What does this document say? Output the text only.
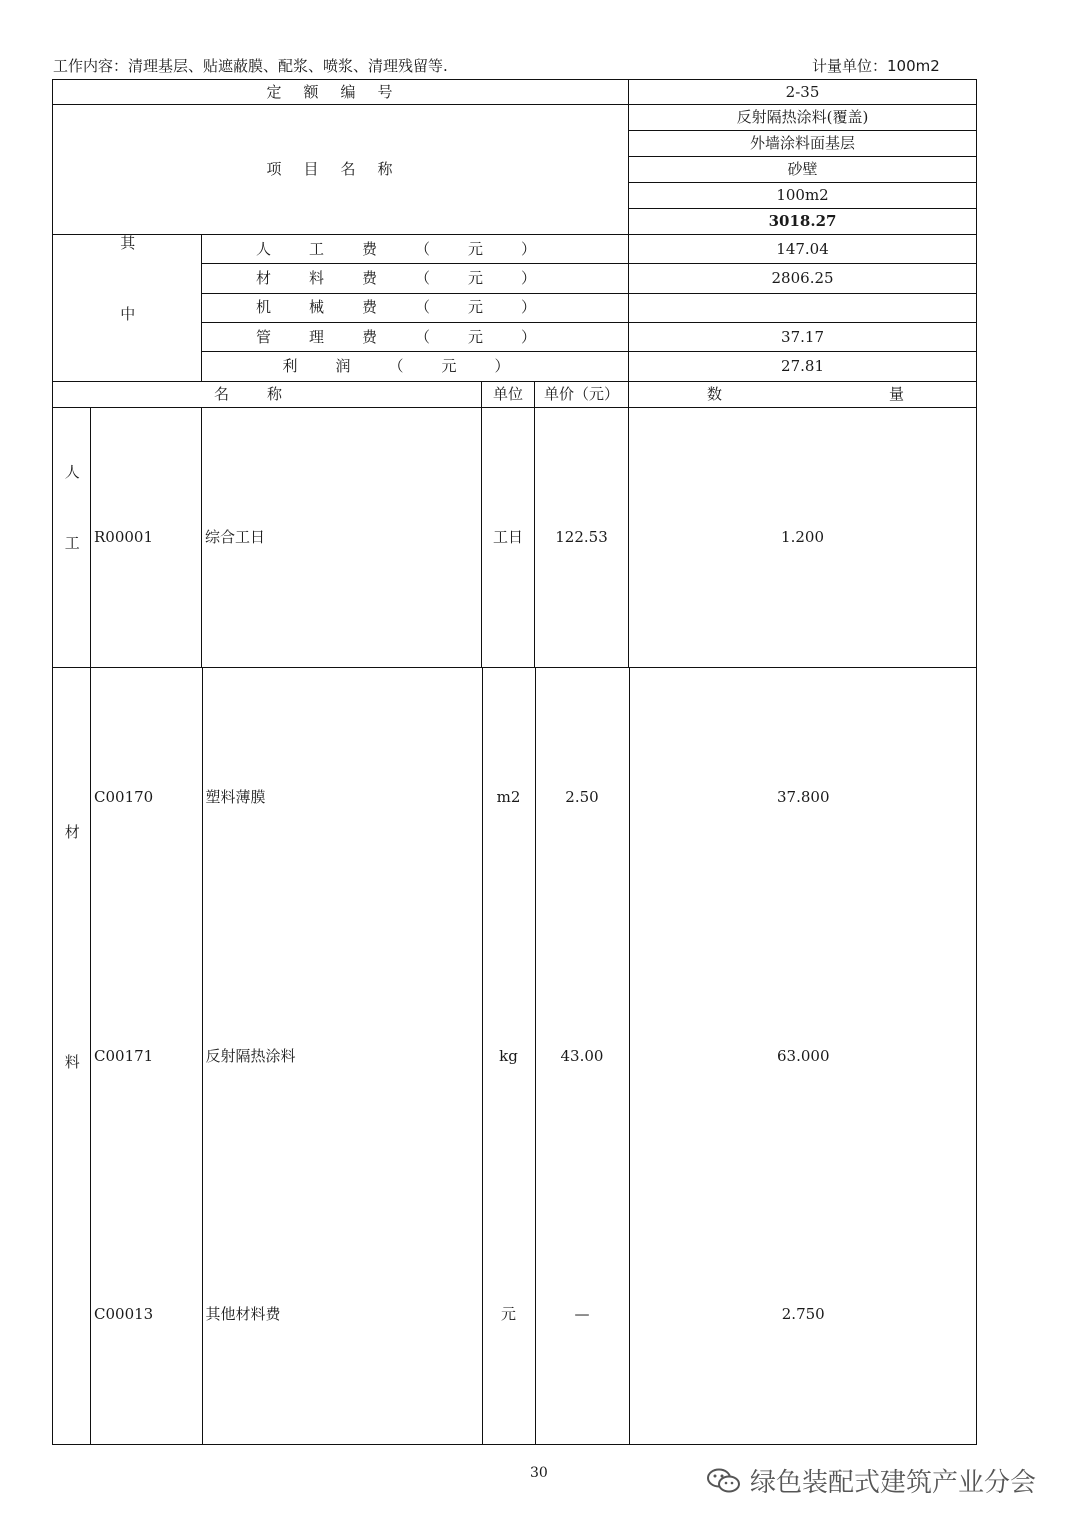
工作内容：清理基层、贴遮蔽膜、配浆、喷浆、清理残留等.	计量单位：100m2
定额编号	2-35
项目名称	反射隔热涂料(覆盖)
外墙涂料面基层
砂壁
100m2
3018.27
其中	人工费（元）	147.04
材料费（元）	2806.25
机械费（元）	
管理费（元）	37.17
利润（元）	27.81
名称	单位	单价（元）	数	量

人工	R00001	综合工日	工日	122.53	1.200
材料	
C00170	塑料薄膜	m2	2.50	37.800
C00171	反射隔热涂料	kg	43.00	63.000
C00013	其他材料费	元	—	2.750
30	绿色装配式建筑产业分会
